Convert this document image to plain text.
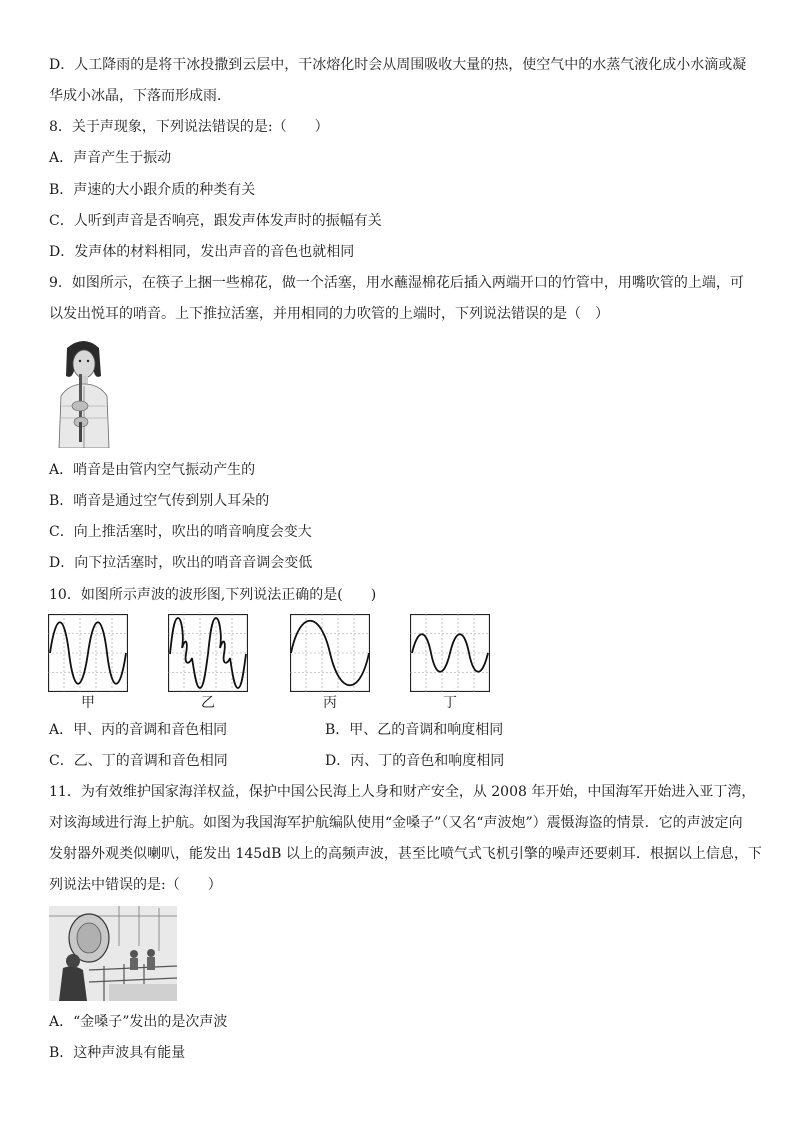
D．人工降雨的是将干冰投撒到云层中，干冰熔化时会从周围吸收大量的热，使空气中的水蒸气液化成小水滴或凝
华成小冰晶，下落而形成雨．
8．关于声现象，下列说法错误的是:（　　）
A．声音产生于振动
B．声速的大小跟介质的种类有关
C．人听到声音是否响亮，跟发声体发声时的振幅有关
D．发声体的材料相同，发出声音的音色也就相同
9．如图所示，在筷子上捆一些棉花，做一个活塞，用水蘸湿棉花后插入两端开口的竹管中，用嘴吹管的上端，可
以发出悦耳的哨音。上下推拉活塞，并用相同的力吹管的上端时，下列说法错误的是（　）
A．哨音是由管内空气振动产生的
B．哨音是通过空气传到别人耳朵的
C．向上推活塞时，吹出的哨音响度会变大
D．向下拉活塞时，吹出的哨音音调会变低
10．如图所示声波的波形图,下列说法正确的是(　　)
甲	乙	丙	丁
A．甲、丙的音调和音色相同	B．甲、乙的音调和响度相同
C．乙、丁的音调和音色相同	D．丙、丁的音色和响度相同
11．为有效维护国家海洋权益，保护中国公民海上人身和财产安全，从 2008 年开始，中国海军开始进入亚丁湾，
对该海域进行海上护航。如图为我国海军护航编队使用“金嗓子”（又名“声波炮”）震慑海盗的情景．它的声波定向
发射器外观类似喇叭，能发出 145dB 以上的高频声波，甚至比喷气式飞机引擎的噪声还要刺耳．根据以上信息，下
列说法中错误的是:（　　）
A．“金嗓子”发出的是次声波
B．这种声波具有能量
